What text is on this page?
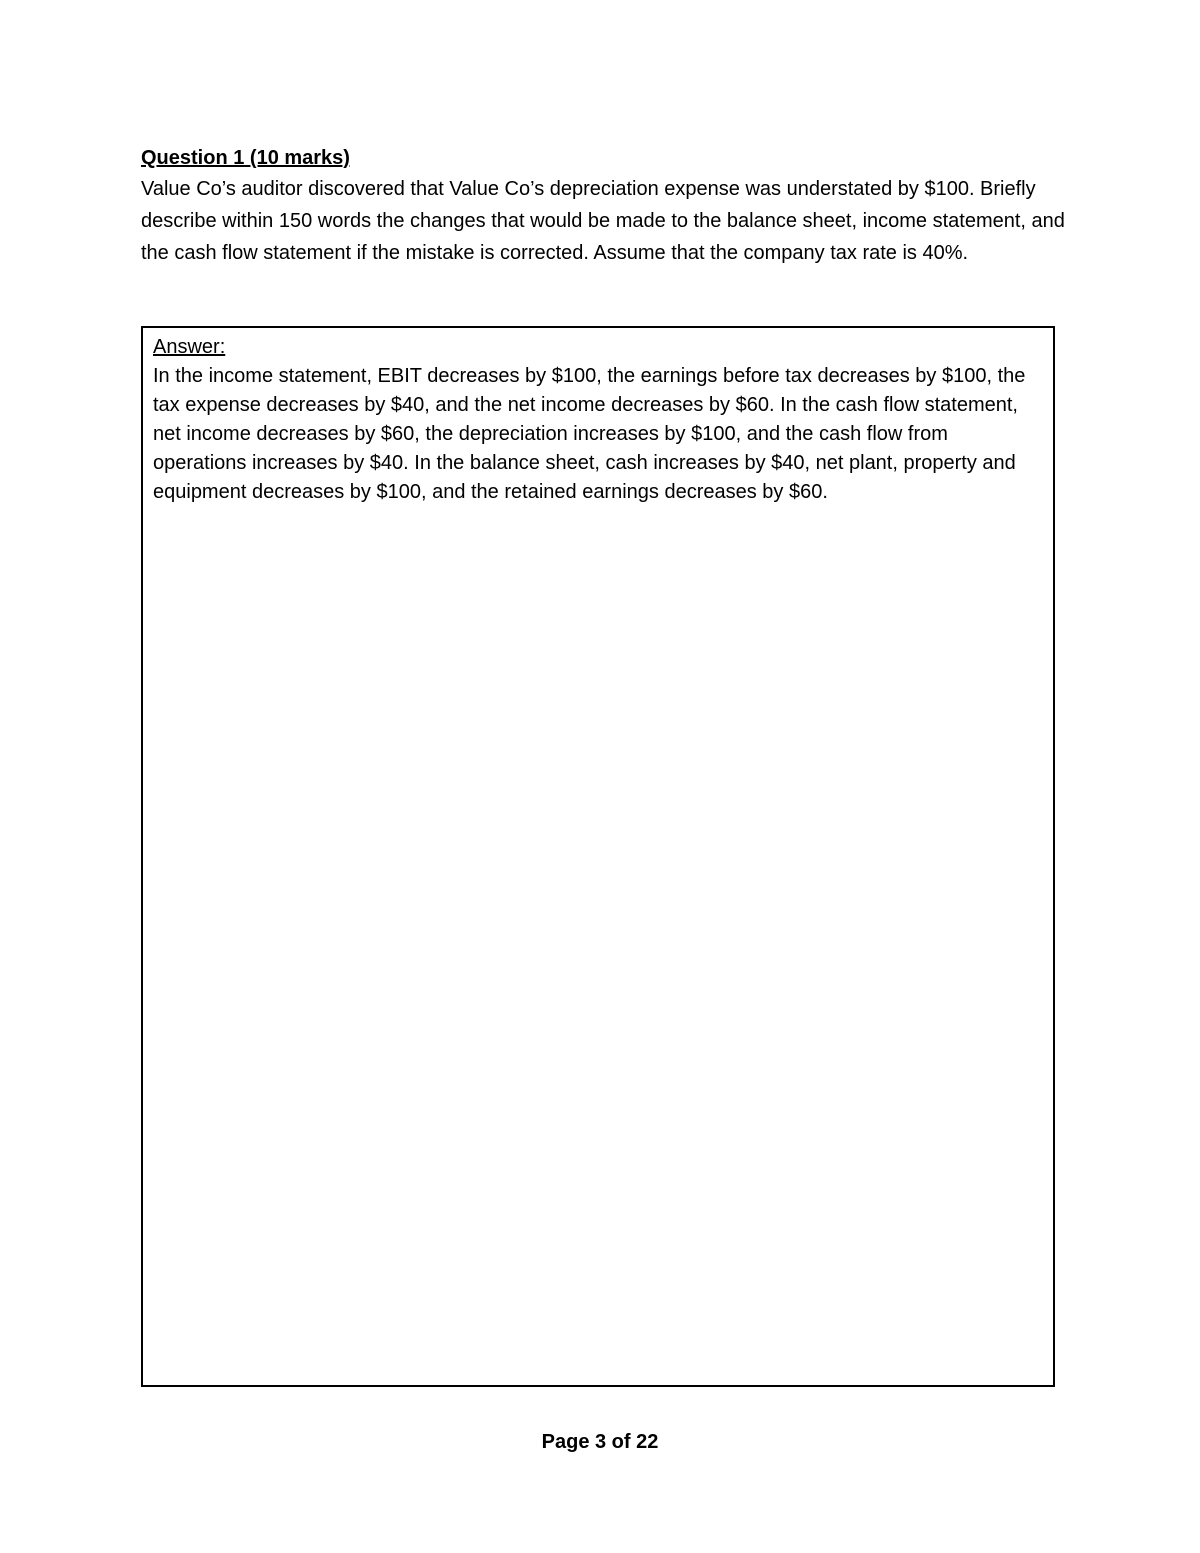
Question 1 (10 marks)

Value Co’s auditor discovered that Value Co’s depreciation expense was understated by $100. Briefly describe within 150 words the changes that would be made to the balance sheet, income statement, and the cash flow statement if the mistake is corrected. Assume that the company tax rate is 40%.

Answer:

In the income statement, EBIT decreases by $100, the earnings before tax decreases by $100, the tax expense decreases by $40, and the net income decreases by $60. In the cash flow statement, net income decreases by $60, the depreciation increases by $100, and the cash flow from operations increases by $40. In the balance sheet, cash increases by $40, net plant, property and equipment decreases by $100, and the retained earnings decreases by $60.

Page 3 of 22
